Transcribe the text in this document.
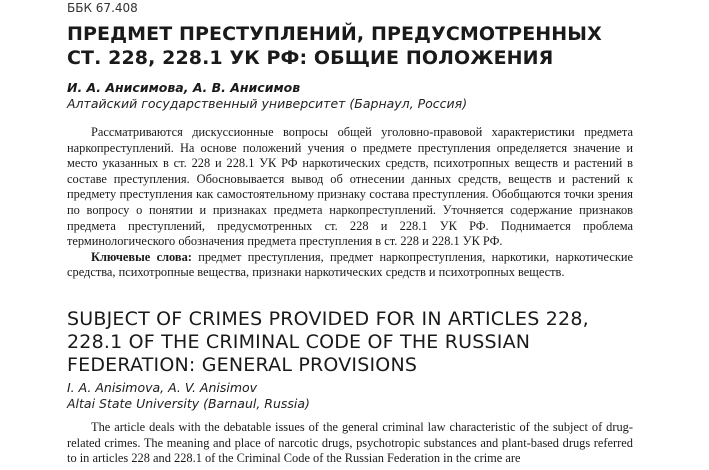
ББК 67.408
ПРЕДМЕТ ПРЕСТУПЛЕНИЙ, ПРЕДУСМОТРЕННЫХ СТ. 228, 228.1 УК РФ: ОБЩИЕ ПОЛОЖЕНИЯ
И. А. Анисимова, А. В. Анисимов
Алтайский государственный университет (Барнаул, Россия)

Рассматриваются дискуссионные вопросы общей уголовно-правовой характеристики предмета наркопреступлений. На основе положений учения о предмете преступления определяется значение и место указанных в ст. 228 и 228.1 УК РФ наркотических средств, психотропных веществ и растений в составе преступления. Обосновывается вывод об отнесении данных средств, веществ и растений к предмету преступления как самостоятельному признаку состава преступления. Обобщаются точки зрения по вопросу о понятии и признаках предмета наркопреступлений. Уточняется содержание признаков предмета преступлений, предусмотренных ст. 228 и 228.1 УК РФ. Поднимается проблема терминологического обозначения предмета преступления в ст. 228 и 228.1 УК РФ.

Ключевые слова: предмет преступления, предмет наркопреступления, наркотики, наркотические средства, психотропные вещества, признаки наркотических средств и психотропных веществ.

SUBJECT OF CRIMES PROVIDED FOR IN ARTICLES 228, 228.1 OF THE CRIMINAL CODE OF THE RUSSIAN FEDERATION: GENERAL PROVISIONS
I. A. Anisimova, A. V. Anisimov
Altai State University (Barnaul, Russia)

The article deals with the debatable issues of the general criminal law characteristic of the subject of drug-related crimes. The meaning and place of narcotic drugs, psychotropic substances and plant-based drugs referred to in articles 228 and 228.1 of the Criminal Code of the Russian Federation in the crime are
